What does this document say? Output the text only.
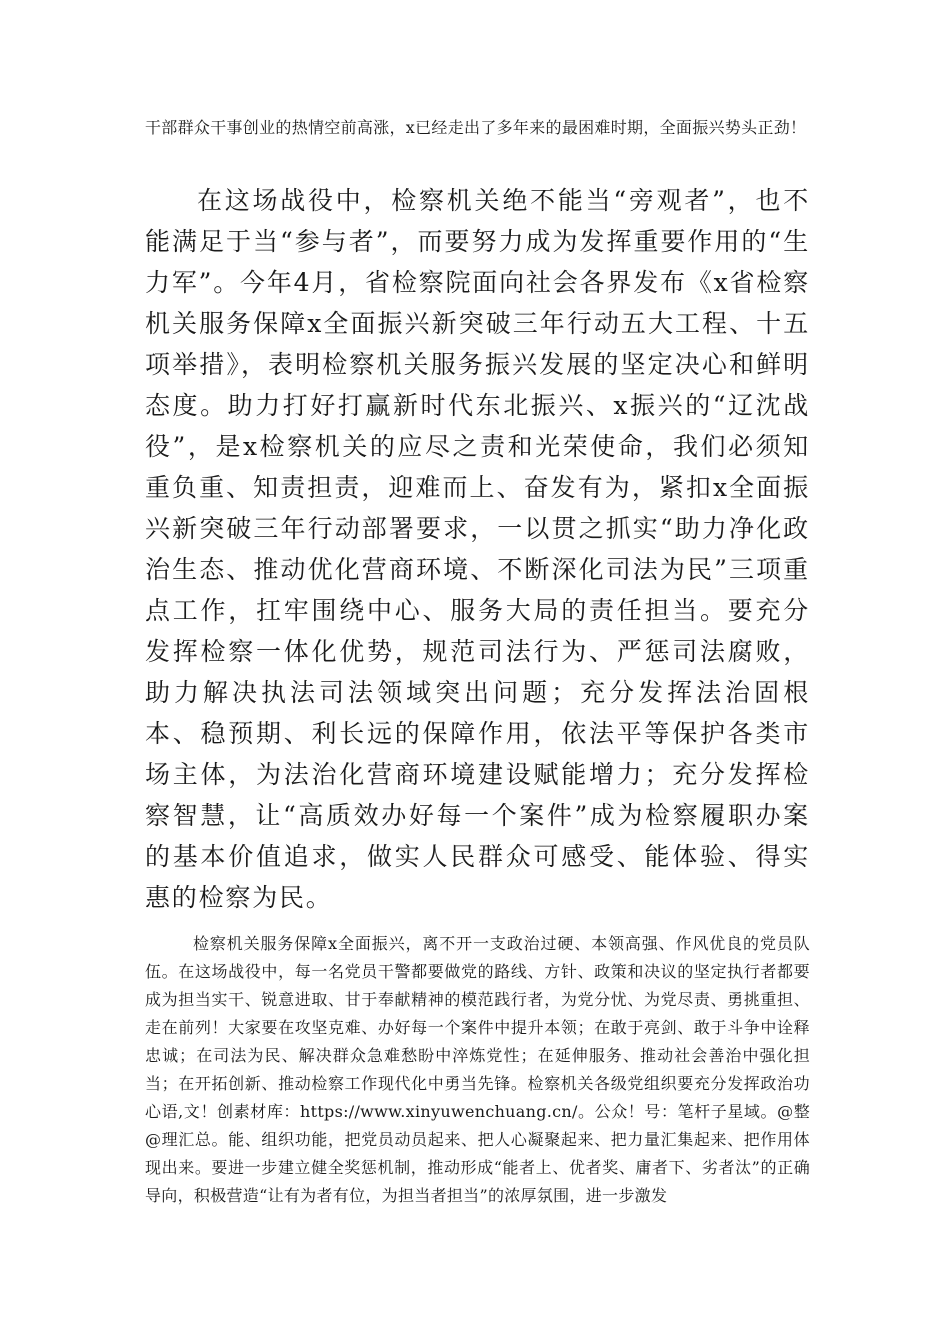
干部群众干事创业的热情空前高涨，x已经走出了多年来的最困难时期，全面振兴势头正劲！

在这场战役中，检察机关绝不能当“旁观者”，也不能满足于当“参与者”，而要努力成为发挥重要作用的“生力军”。今年4月，省检察院面向社会各界发布《x省检察机关服务保障x全面振兴新突破三年行动五大工程、十五项举措》，表明检察机关服务振兴发展的坚定决心和鲜明态度。助力打好打赢新时代东北振兴、x振兴的“辽沈战役”，是x检察机关的应尽之责和光荣使命，我们必须知重负重、知责担责，迎难而上、奋发有为，紧扣x全面振兴新突破三年行动部署要求，一以贯之抓实“助力净化政治生态、推动优化营商环境、不断深化司法为民”三项重点工作，扛牢围绕中心、服务大局的责任担当。要充分发挥检察一体化优势，规范司法行为、严惩司法腐败，助力解决执法司法领域突出问题；充分发挥法治固根本、稳预期、利长远的保障作用，依法平等保护各类市场主体，为法治化营商环境建设赋能增力；充分发挥检察智慧，让“高质效办好每一个案件”成为检察履职办案的基本价值追求，做实人民群众可感受、能体验、得实惠的检察为民。

检察机关服务保障x全面振兴，离不开一支政治过硬、本领高强、作风优良的党员队伍。在这场战役中，每一名党员干警都要做党的路线、方针、政策和决议的坚定执行者都要成为担当实干、锐意进取、甘于奉献精神的模范践行者，为党分忧、为党尽责、勇挑重担、走在前列！大家要在攻坚克难、办好每一个案件中提升本领；在敢于亮剑、敢于斗争中诠释忠诚；在司法为民、解决群众急难愁盼中淬炼党性；在延伸服务、推动社会善治中强化担当；在开拓创新、推动检察工作现代化中勇当先锋。检察机关各级党组织要充分发挥政治功心语,文！创素材库：https://www.xinyuwenchuang.cn/。公众！号：笔杆子星域。@整@理汇总。能、组织功能，把党员动员起来、把人心凝聚起来、把力量汇集起来、把作用体现出来。要进一步建立健全奖惩机制，推动形成“能者上、优者奖、庸者下、劣者汰”的正确导向，积极营造“让有为者有位，为担当者担当”的浓厚氛围，进一步激发
